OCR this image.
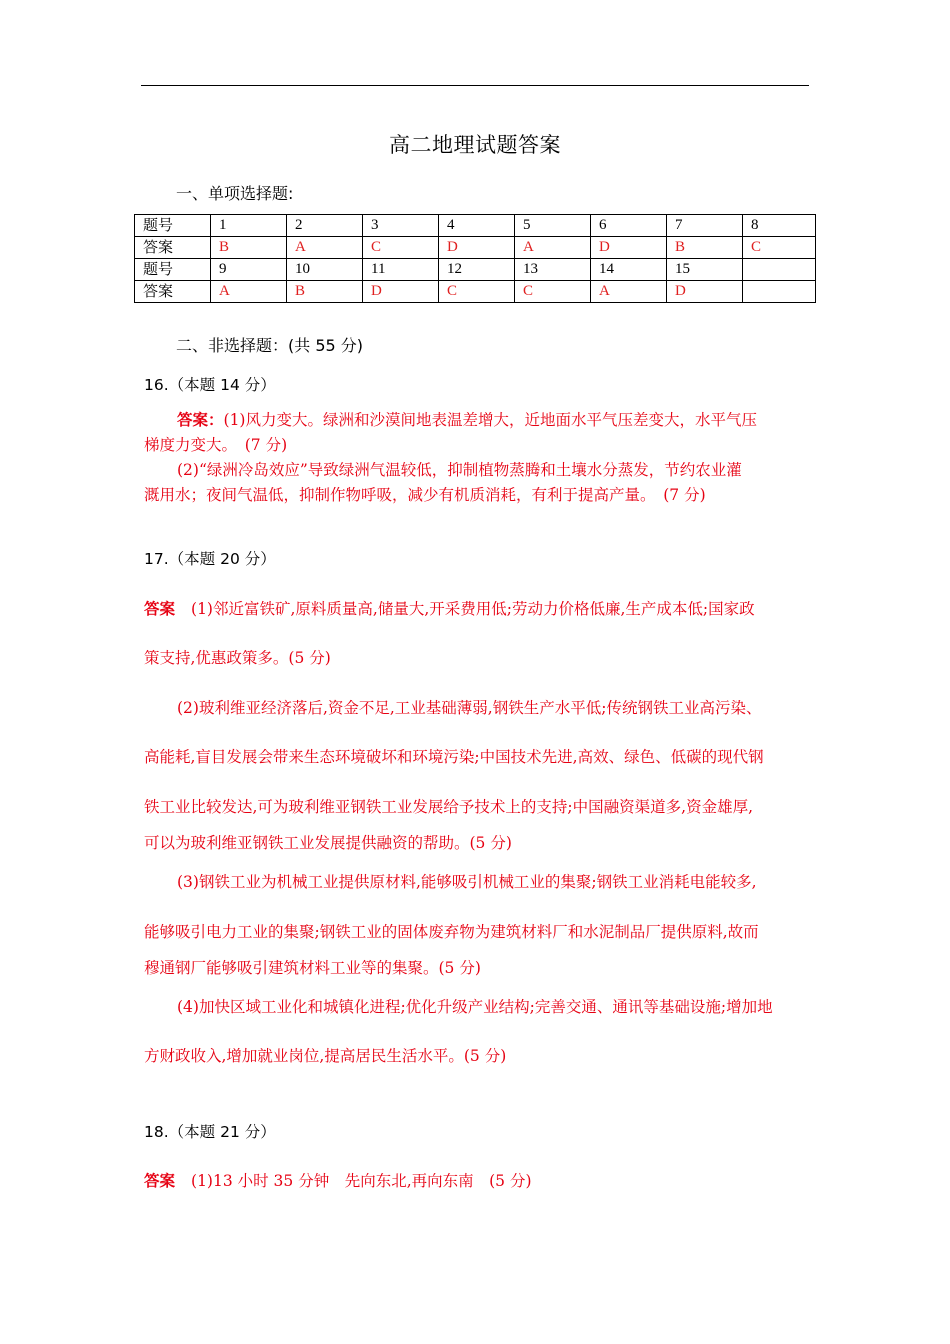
高二地理试题答案
一、单项选择题:
题号	1	2	3	4	5	6	7	8
答案	B	A	C	D	A	D	B	C
题号	9	10	11	12	13	14	15	
答案	A	B	D	C	C	A	D	
二、非选择题：(共 55 分)
16.（本题 14 分）
答案：(1)风力变大。绿洲和沙漠间地表温差增大，近地面水平气压差变大，水平气压
梯度力变大。　(7 分)
(2)“绿洲冷岛效应”导致绿洲气温较低，抑制植物蒸腾和土壤水分蒸发，节约农业灌
溉用水；夜间气温低，抑制作物呼吸，减少有机质消耗，有利于提高产量。　(7 分)
17.（本题 20 分）
答案 (1)邻近富铁矿,原料质量高,储量大,开采费用低;劳动力价格低廉,生产成本低;国家政
策支持,优惠政策多。(5 分)
(2)玻利维亚经济落后,资金不足,工业基础薄弱,钢铁生产水平低;传统钢铁工业高污染、
高能耗,盲目发展会带来生态环境破坏和环境污染;中国技术先进,高效、绿色、低碳的现代钢
铁工业比较发达,可为玻利维亚钢铁工业发展给予技术上的支持;中国融资渠道多,资金雄厚,
可以为玻利维亚钢铁工业发展提供融资的帮助。(5 分)
(3)钢铁工业为机械工业提供原材料,能够吸引机械工业的集聚;钢铁工业消耗电能较多,
能够吸引电力工业的集聚;钢铁工业的固体废弃物为建筑材料厂和水泥制品厂提供原料,故而
穆通钢厂能够吸引建筑材料工业等的集聚。(5 分)
(4)加快区域工业化和城镇化进程;优化升级产业结构;完善交通、通讯等基础设施;增加地
方财政收入,增加就业岗位,提高居民生活水平。(5 分)
18.（本题 21 分）
答案 (1)13 小时 35 分钟　先向东北,再向东南　(5 分)
